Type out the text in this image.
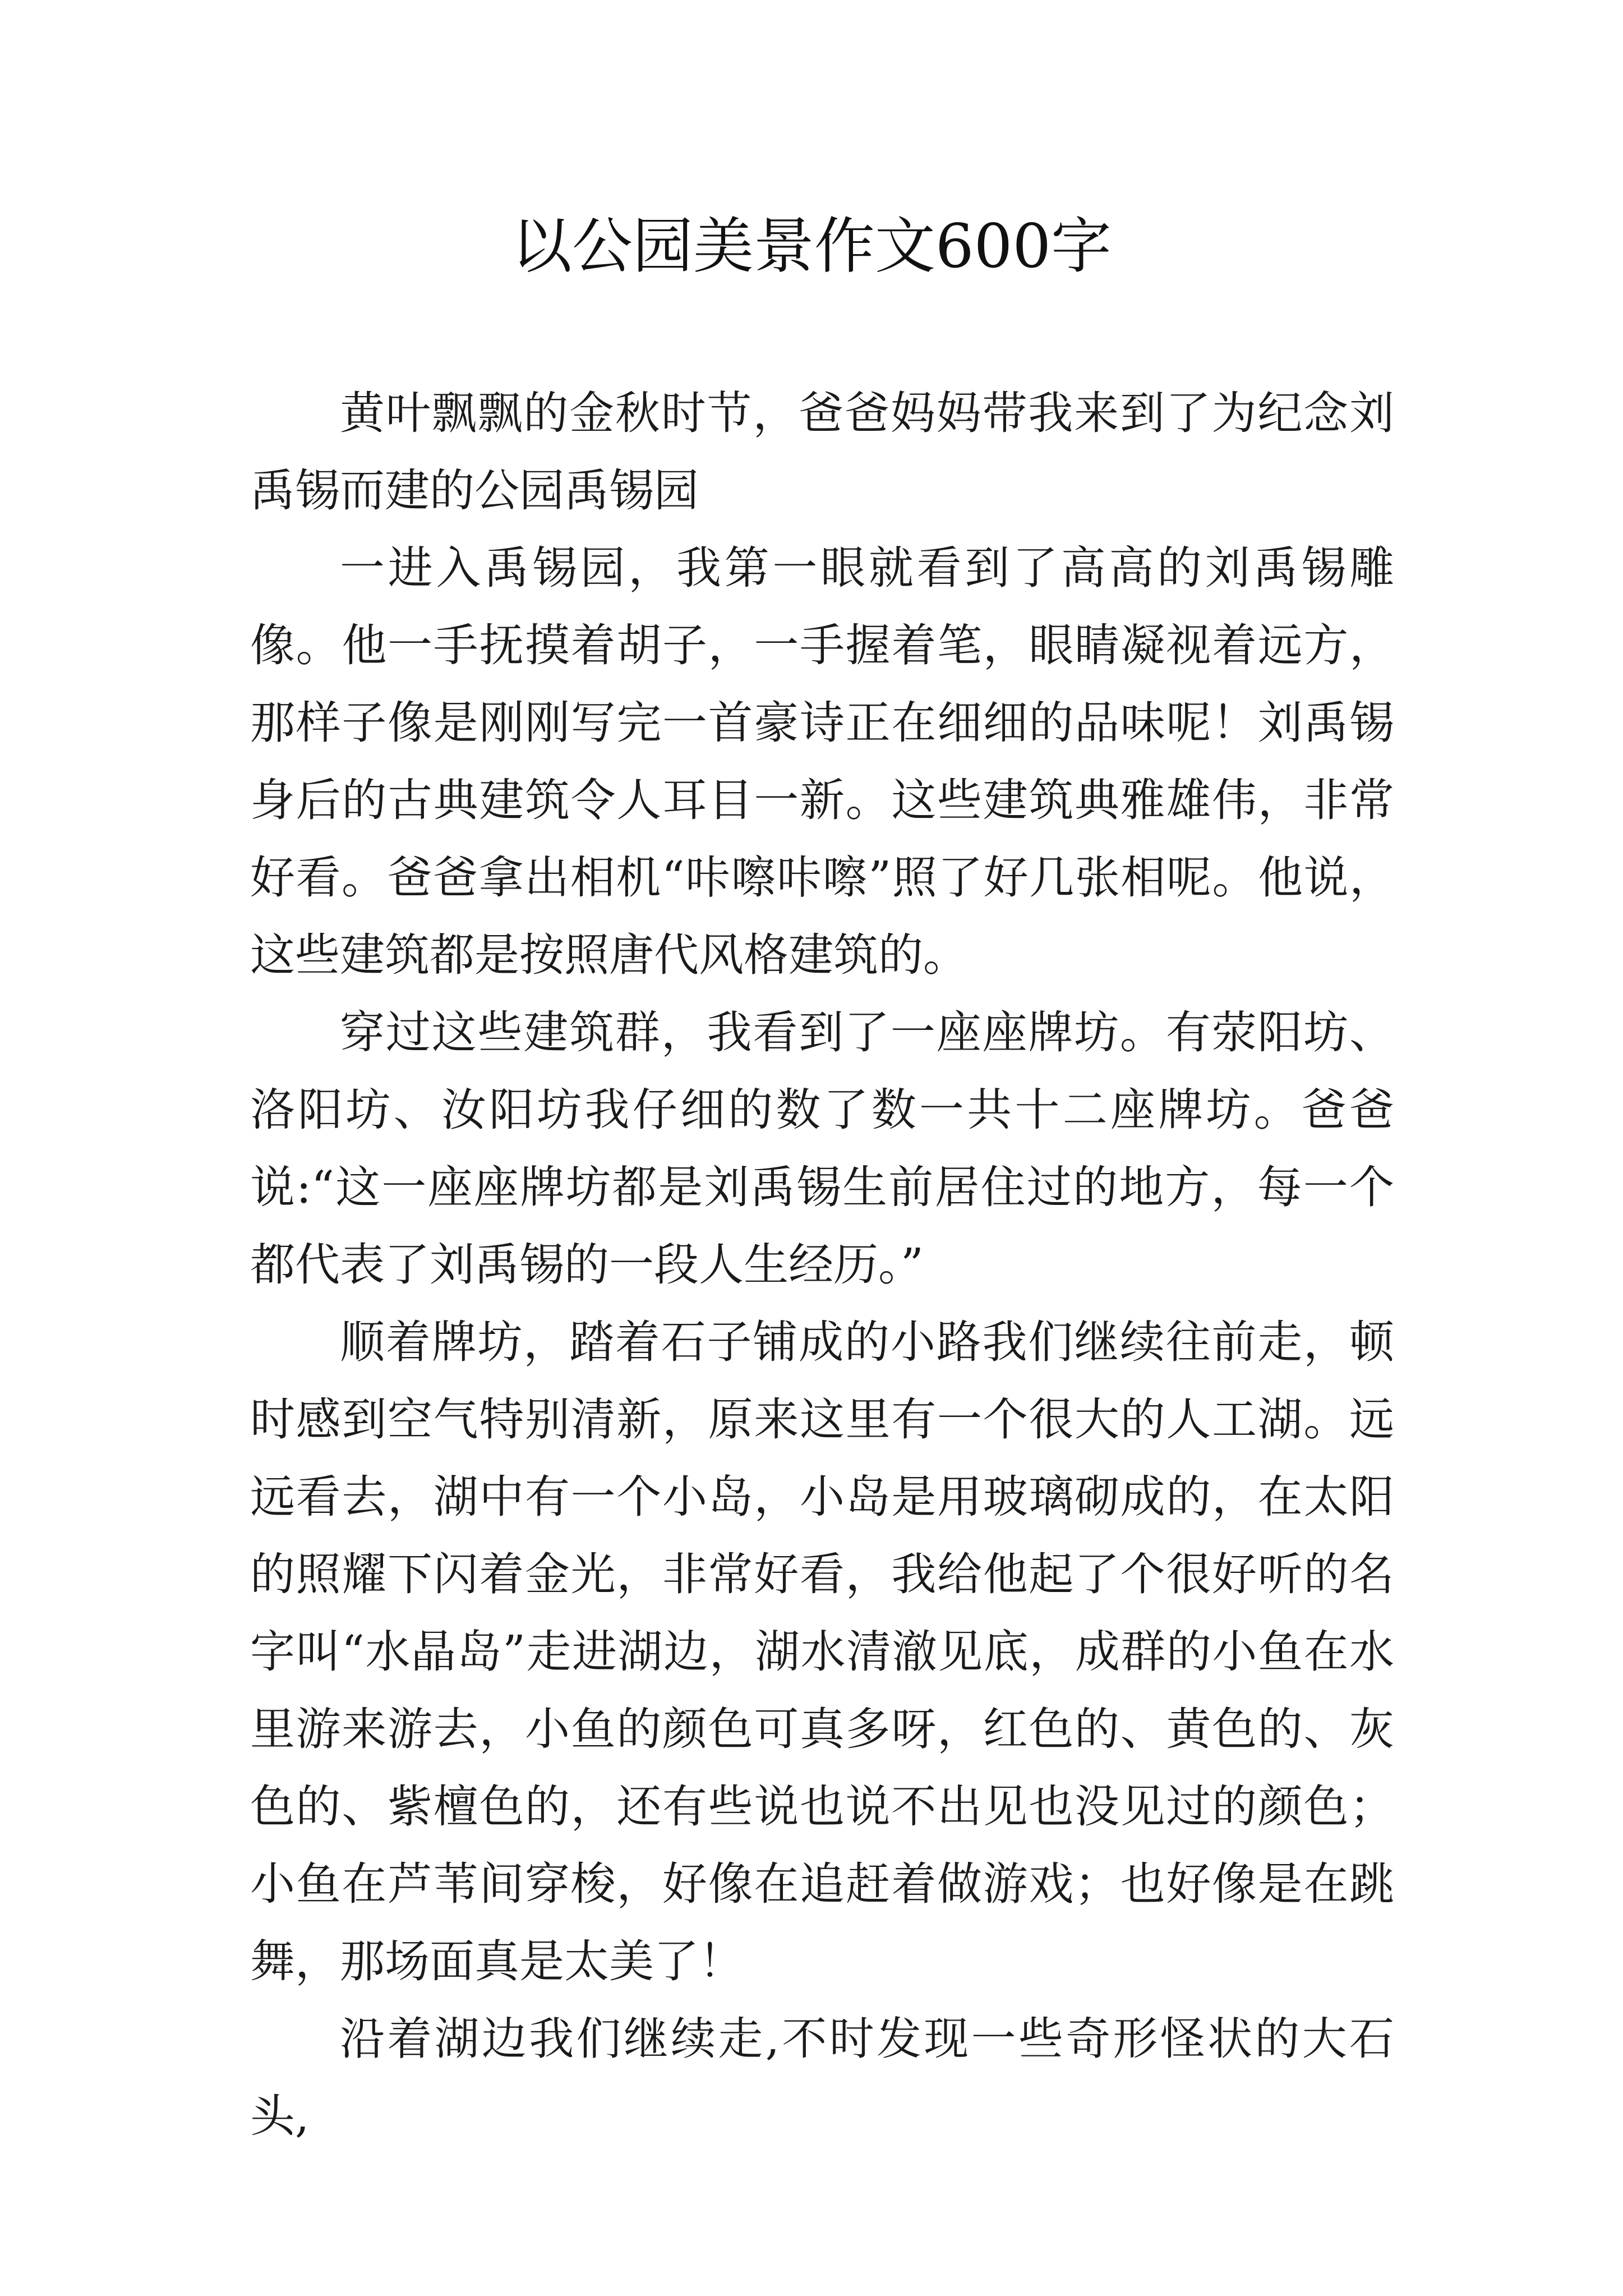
以公园美景作文600字

黄叶飘飘的金秋时节，爸爸妈妈带我来到了为纪念刘禹锡而建的公园禹锡园

一进入禹锡园，我第一眼就看到了高高的刘禹锡雕像。他一手抚摸着胡子，一手握着笔，眼睛凝视着远方，那样子像是刚刚写完一首豪诗正在细细的品味呢！刘禹锡身后的古典建筑令人耳目一新。这些建筑典雅雄伟，非常好看。爸爸拿出相机“咔嚓咔嚓”照了好几张相呢。他说，这些建筑都是按照唐代风格建筑的。

穿过这些建筑群，我看到了一座座牌坊。有荥阳坊、洛阳坊、汝阳坊我仔细的数了数一共十二座牌坊。爸爸说:“这一座座牌坊都是刘禹锡生前居住过的地方，每一个都代表了刘禹锡的一段人生经历。”

顺着牌坊，踏着石子铺成的小路我们继续往前走，顿时感到空气特别清新，原来这里有一个很大的人工湖。远远看去，湖中有一个小岛，小岛是用玻璃砌成的，在太阳的照耀下闪着金光，非常好看，我给他起了个很好听的名字叫“水晶岛”走进湖边，湖水清澈见底，成群的小鱼在水里游来游去，小鱼的颜色可真多呀，红色的、黄色的、灰色的、紫檀色的，还有些说也说不出见也没见过的颜色；小鱼在芦苇间穿梭，好像在追赶着做游戏；也好像是在跳舞，那场面真是太美了！

沿着湖边我们继续走,不时发现一些奇形怪状的大石头,
